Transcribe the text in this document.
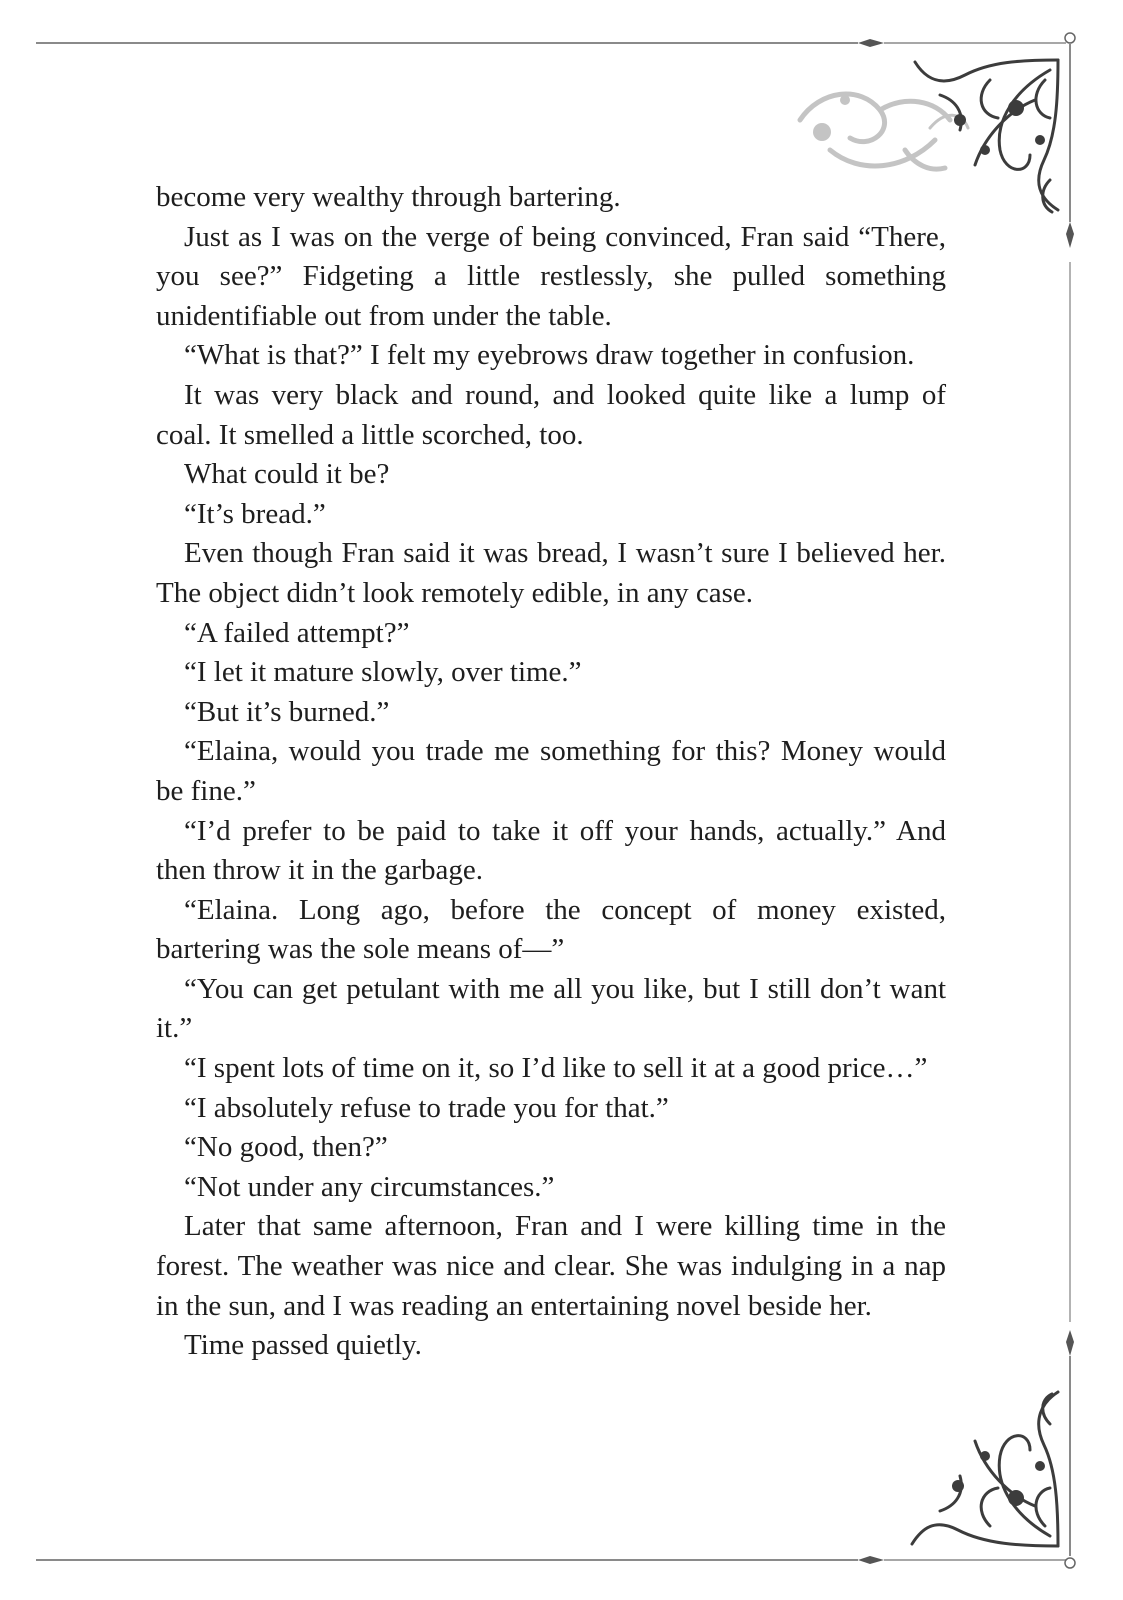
become very wealthy through bartering.

Just as I was on the verge of being convinced, Fran said “There, you see?” Fidgeting a little restlessly, she pulled something unidentifiable out from under the table.

“What is that?” I felt my eyebrows draw together in confusion.

It was very black and round, and looked quite like a lump of coal. It smelled a little scorched, too.

What could it be?

“It’s bread.”

Even though Fran said it was bread, I wasn’t sure I believed her. The object didn’t look remotely edible, in any case.

“A failed attempt?”

“I let it mature slowly, over time.”

“But it’s burned.”

“Elaina, would you trade me something for this? Money would be fine.”

“I’d prefer to be paid to take it off your hands, actually.” And then throw it in the garbage.

“Elaina. Long ago, before the concept of money existed, bartering was the sole means of—”

“You can get petulant with me all you like, but I still don’t want it.”

“I spent lots of time on it, so I’d like to sell it at a good price…”

“I absolutely refuse to trade you for that.”

“No good, then?”

“Not under any circumstances.”

Later that same afternoon, Fran and I were killing time in the forest. The weather was nice and clear. She was indulging in a nap in the sun, and I was reading an entertaining novel beside her.

Time passed quietly.
